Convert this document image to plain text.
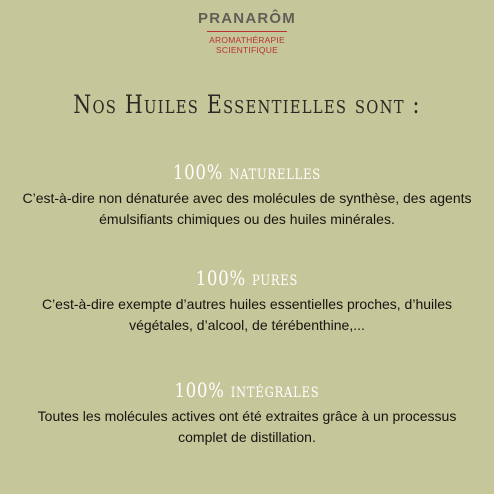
PRANARÔM
AROMATHÉRAPIE
SCIENTIFIQUE
Nos Huiles Essentielles sont :
100% naturelles
C’est-à-dire non dénaturée avec des molécules de synthèse, des agents émulsifiants chimiques ou des huiles minérales.
100% pures
C’est-à-dire exempte d’autres huiles essentielles proches, d’huiles végétales, d’alcool, de térébenthine,...
100% intégrales
Toutes les molécules actives ont été extraites grâce à un processus complet de distillation.
